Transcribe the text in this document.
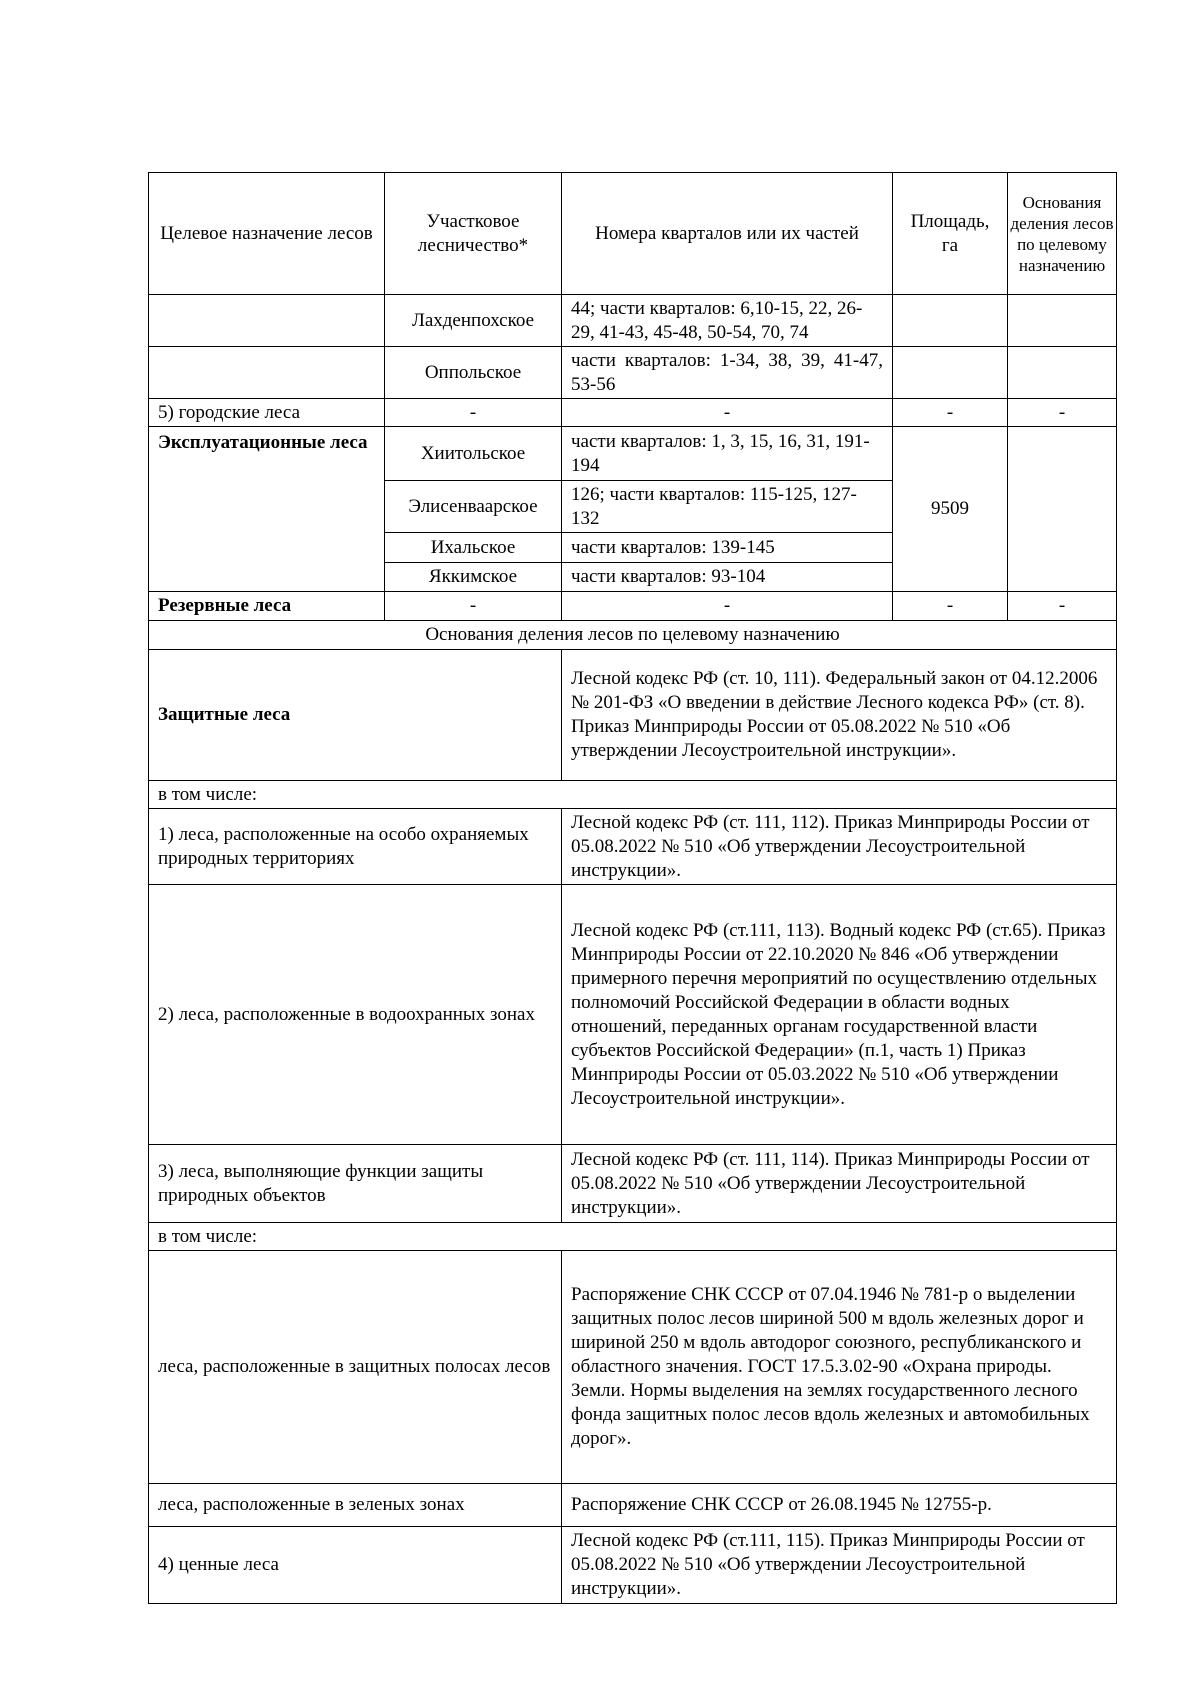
Целевое назначение лесов	Участковое лесничество*	Номера кварталов или их частей	Площадь, га	Основания деления лесов по целевому назначению
	Лахденпохское	44; части кварталов: 6,10-15, 22, 26-29, 41-43, 45-48, 50-54, 70, 74		
	Оппольское	части кварталов: 1-34, 38, 39, 41-47, 53-56		
5) городские леса	-	-	-	-
Эксплуатационные леса	Хиитольское	части кварталов: 1, 3, 15, 16, 31, 191-194	9509	
	Элисенваарское	126; части кварталов: 115-125, 127-132		
	Ихальское	части кварталов: 139-145		
	Яккимское	части кварталов: 93-104		
Резервные леса	-	-	-	-
Основания деления лесов по целевому назначению				
Защитные леса		Лесной кодекс РФ (ст. 10, 111). Федеральный закон от 04.12.2006 № 201-ФЗ «О введении в действие Лесного кодекса РФ» (ст. 8). Приказ Минприроды России от 05.08.2022 № 510 «Об утверждении Лесоустроительной инструкции».		
в том числе:				
1) леса, расположенные на особо охраняемых природных территориях		Лесной кодекс РФ (ст. 111, 112). Приказ Минприроды России от 05.08.2022 № 510 «Об утверждении Лесоустроительной инструкции».		
2) леса, расположенные в водоохранных зонах		Лесной кодекс РФ (ст.111, 113). Водный кодекс РФ (ст.65). Приказ Минприроды России от 22.10.2020 № 846 «Об утверждении примерного перечня мероприятий по осуществлению отдельных полномочий Российской Федерации в области водных отношений, переданных органам государственной власти субъектов Российской Федерации» (п.1, часть 1) Приказ Минприроды России от 05.03.2022 № 510 «Об утверждении Лесоустроительной инструкции».		
3) леса, выполняющие функции защиты природных объектов		Лесной кодекс РФ (ст. 111, 114). Приказ Минприроды России от 05.08.2022 № 510 «Об утверждении Лесоустроительной инструкции».		
в том числе:				
леса, расположенные в защитных полосах лесов		Распоряжение СНК СССР от 07.04.1946 № 781-р о выделении защитных полос лесов шириной 500 м вдоль железных дорог и шириной 250 м вдоль автодорог союзного, республиканского и областного значения. ГОСТ 17.5.3.02-90 «Охрана природы. Земли. Нормы выделения на землях государственного лесного фонда защитных полос лесов вдоль железных и автомобильных дорог».		
леса, расположенные в зеленых зонах		Распоряжение СНК СССР от 26.08.1945 № 12755-р.		
4) ценные леса		Лесной кодекс РФ (ст.111, 115). Приказ Минприроды России от 05.08.2022 № 510 «Об утверждении Лесоустроительной инструкции».		
